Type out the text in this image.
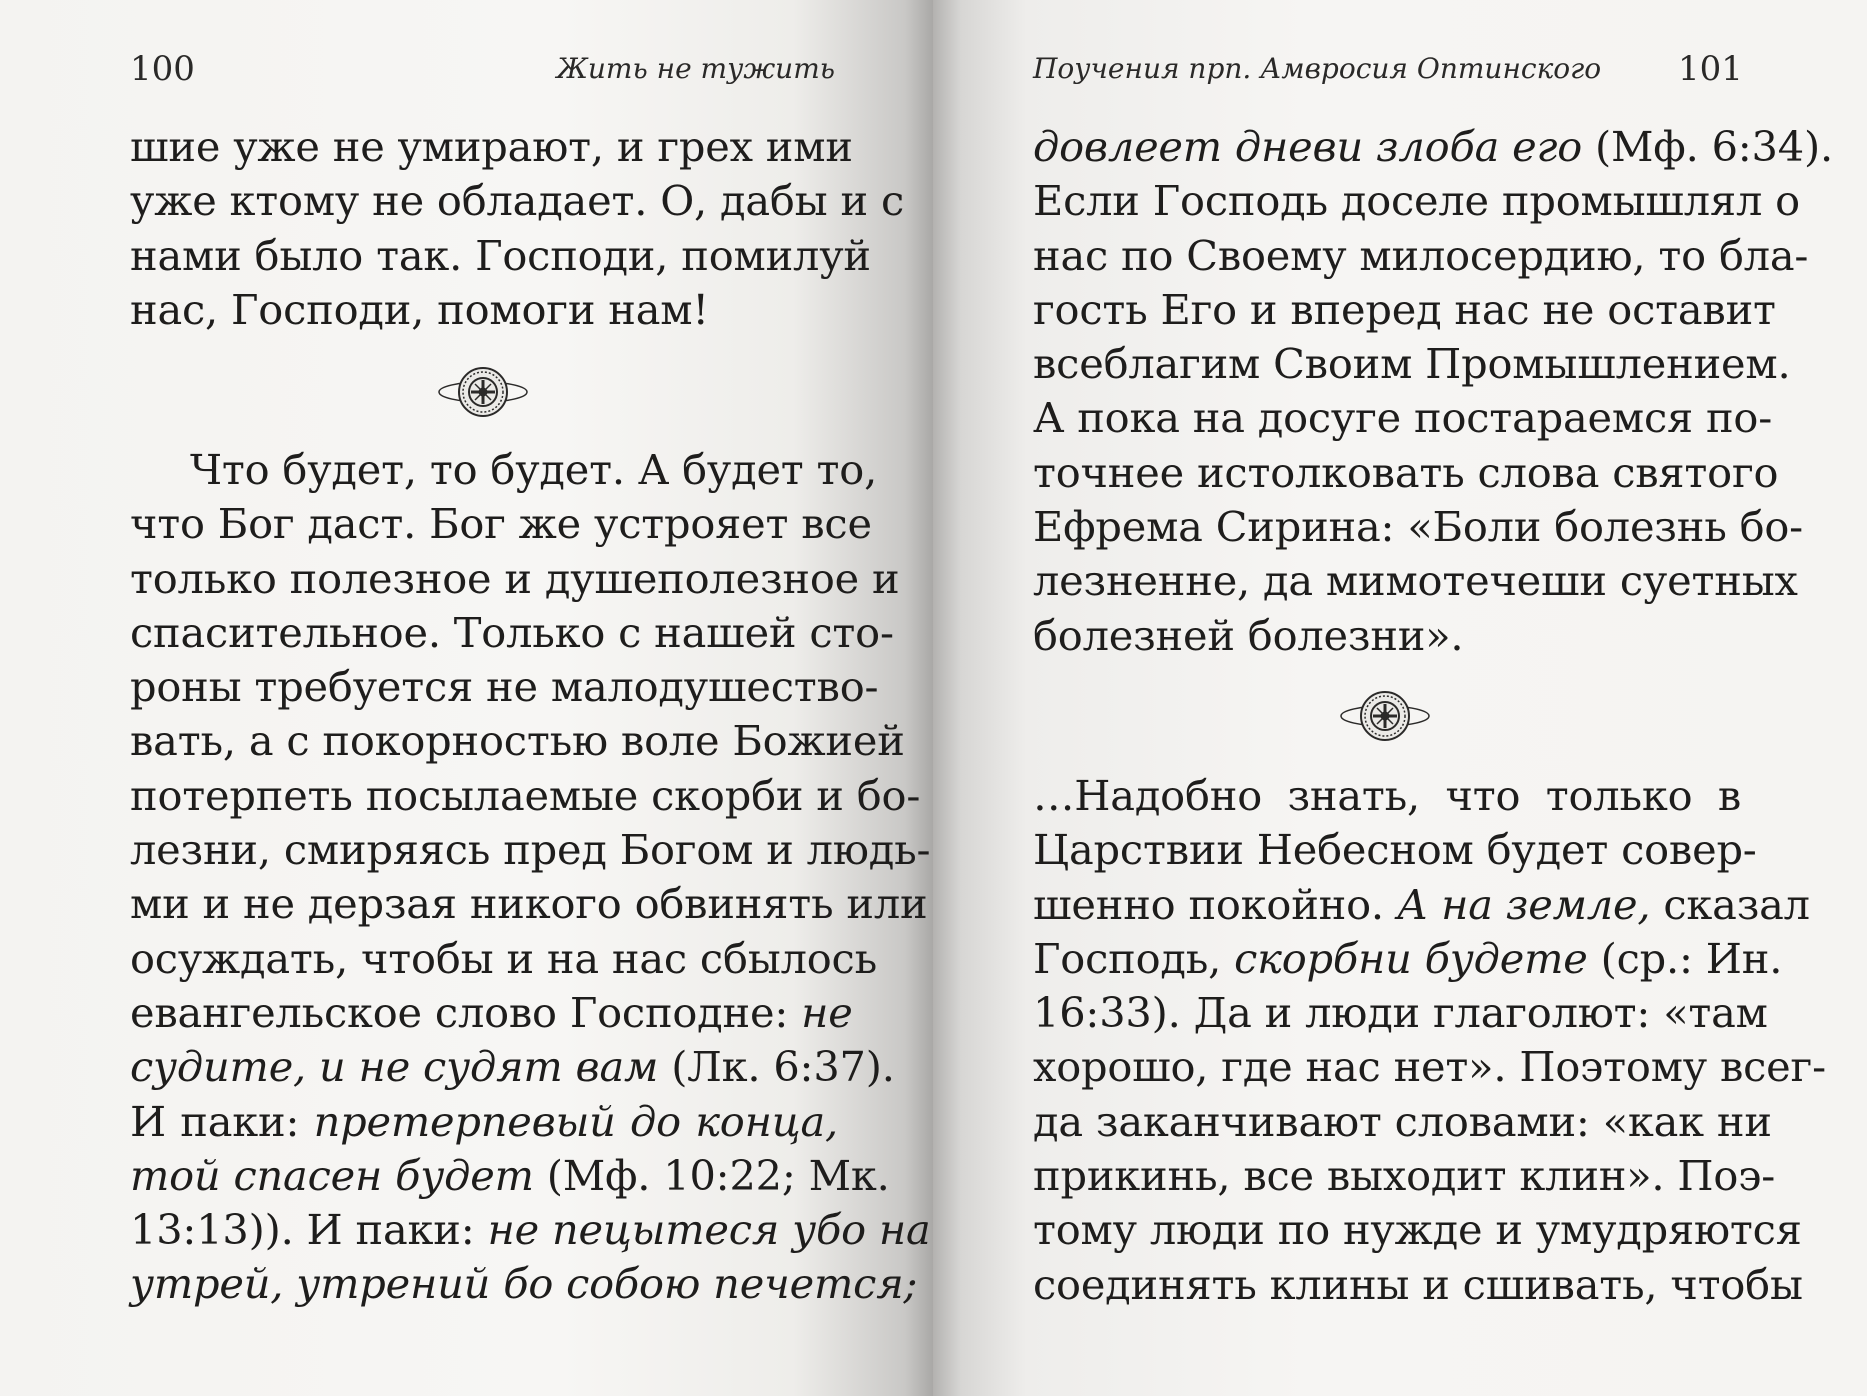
100	Жить не тужить
шие уже не умирают, и грех ими
уже ктому не обладает. О, дабы и с
нами было так. Господи, помилуй
нас, Господи, помоги нам!
Что будет, то будет. А будет то,
что Бог даст. Бог же устрояет все
только полезное и душеполезное и
спасительное. Только с нашей сто-
роны требуется не малодушество-
вать, а с покорностью воле Божией
потерпеть посылаемые скорби и бо-
лезни, смиряясь пред Богом и людь-
ми и не дерзая никого обвинять или
осуждать, чтобы и на нас сбылось
евангельское слово Господне: не
судите, и не судят вам (Лк. 6:37).
И паки: претерпевый до конца,
той спасен будет (Мф. 10:22; Мк.
13:13)). И паки: не пецытеся убо на
утрей, утрений бо собою печется;
Поучения прп. Амвросия Оптинского 101
довлеет дневи злоба его (Мф. 6:34).
Если Господь доселе промышлял о
нас по Своему милосердию, то бла-
гость Его и вперед нас не оставит
всеблагим Своим Промышлением.
А пока на досуге постараемся по-
точнее истолковать слова святого
Ефрема Сирина: «Боли болезнь бо-
лезненне, да мимотечеши суетных
болезней болезни».
…Надобно знать, что только в
Царствии Небесном будет совер-
шенно покойно. А на земле, сказал
Господь, скорбни будете (ср.: Ин.
16:33). Да и люди глаголют: «там
хорошо, где нас нет». Поэтому всег-
да заканчивают словами: «как ни
прикинь, все выходит клин». Поэ-
тому люди по нужде и умудряются
соединять клины и сшивать, чтобы
